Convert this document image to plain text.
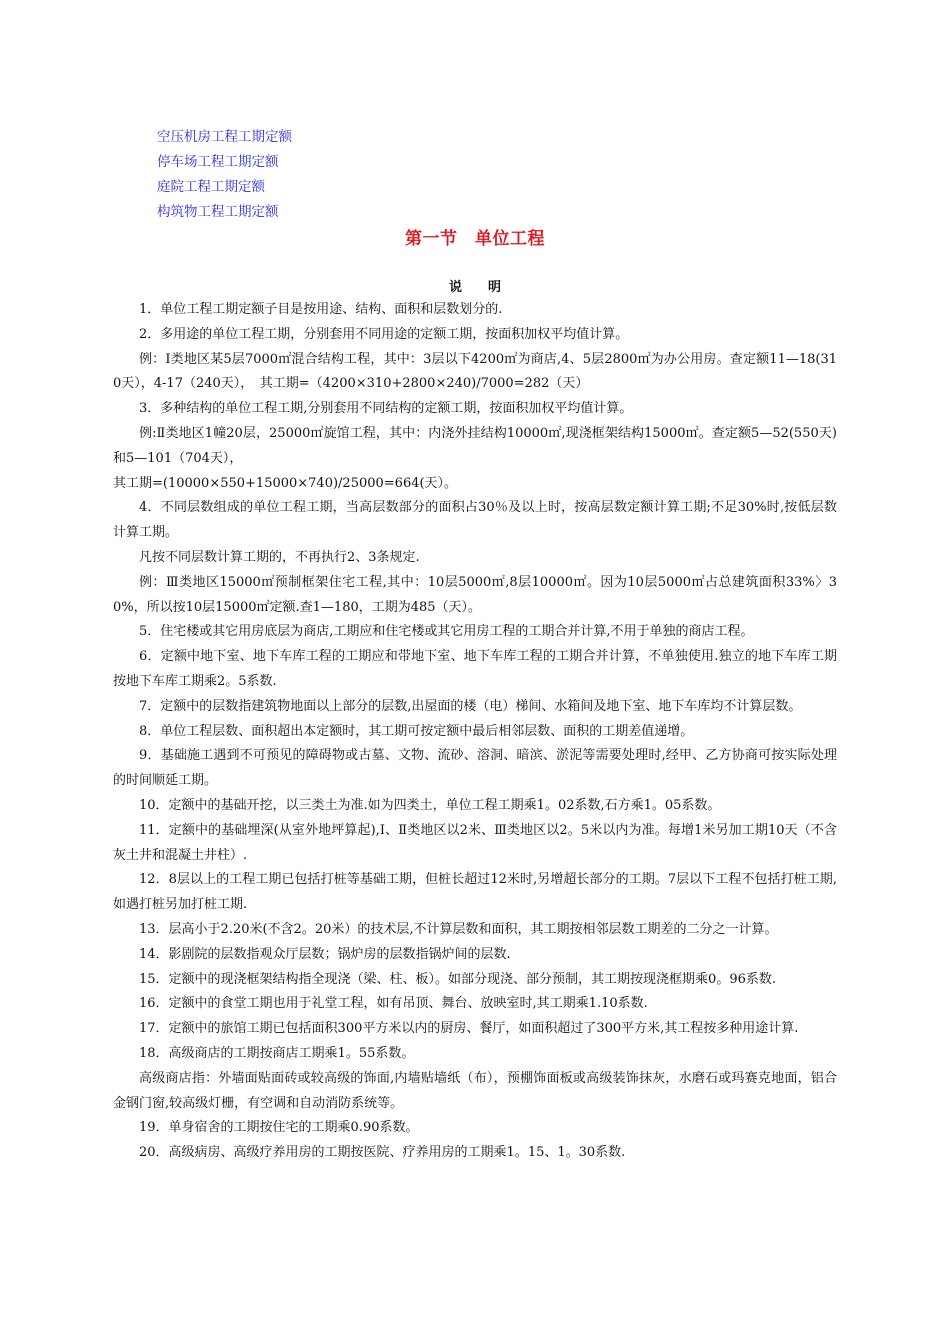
空压机房工程工期定额
停车场工程工期定额
庭院工程工期定额
构筑物工程工期定额
第一节　单位工程
说　　明

1．单位工程工期定额子目是按用途、结构、面积和层数划分的.

2．多用途的单位工程工期，分别套用不同用途的定额工期，按面积加权平均值计算。

例：Ⅰ类地区某5层7000㎡混合结构工程，其中：3层以下4200㎡为商店,4、5层2800㎡为办公用房。查定额11—18(310天），4-17（240天），　其工期=（4200×310+2800×240)/7000=282（天）

3．多种结构的单位工程工期,分别套用不同结构的定额工期，按面积加权平均值计算。

例:Ⅱ类地区1幢20层，25000㎡旋馆工程，其中：内浇外挂结构10000㎡,现浇框架结构15000㎡。查定额5—52(550天)和5—101（704天），

其工期=(10000×550+15000×740)/25000=664(天）。

4．不同层数组成的单位工程工期，当高层数部分的面积占30％及以上时，按高层数定额计算工期;不足30%时,按低层数计算工期。

凡按不同层数计算工期的，不再执行2、3条规定.

例：Ⅲ类地区15000㎡预制框架住宅工程,其中：10层5000㎡,8层10000㎡。因为10层5000㎡占总建筑面积33%〉30%，所以按10层15000㎡定额.查1—180，工期为485（天）。

5．住宅楼或其它用房底层为商店,工期应和住宅楼或其它用房工程的工期合并计算,不用于单独的商店工程。

6．定额中地下室、地下车库工程的工期应和带地下室、地下车库工程的工期合并计算，不单独使用.独立的地下车库工期按地下车库工期乘2。5系数.

7．定额中的层数指建筑物地面以上部分的层数,出屋面的楼（电）梯间、水箱间及地下室、地下车库均不计算层数。

8．单位工程层数、面积超出本定额时，其工期可按定额中最后相邻层数、面积的工期差值递增。

9．基础施工遇到不可预见的障碍物或古墓、文物、流砂、溶洞、暗滨、淤泥等需要处理时,经甲、乙方协商可按实际处理的时间顺延工期。

10．定额中的基础开挖，以三类土为准.如为四类土，单位工程工期乘1。02系数,石方乘1。05系数。

11．定额中的基础埋深(从室外地坪算起),Ⅰ、Ⅱ类地区以2米、Ⅲ类地区以2。5米以内为准。每增1米另加工期10天（不含灰土井和混凝土井柱）.

12．8层以上的工程工期已包括打桩等基础工期，但桩长超过12米时,另增超长部分的工期。7层以下工程不包括打桩工期,如遇打桩另加打桩工期.

13．层高小于2.20米(不含2。20米）的技术层,不计算层数和面积，其工期按相邻层数工期差的二分之一计算。

14．影剧院的层数指观众厅层数；锅炉房的层数指锅炉间的层数.

15．定额中的现浇框架结构指全现浇（梁、柱、板）。如部分现浇、部分预制，其工期按现浇框期乘0。96系数.

16．定额中的食堂工期也用于礼堂工程，如有吊顶、舞台、放映室时,其工期乘1.10系数.

17．定额中的旅馆工期已包括面积300平方米以内的厨房、餐厅，如面积超过了300平方米,其工程按多种用途计算.

18．高级商店的工期按商店工期乘1。55系数。

高级商店指：外墙面贴面砖或较高级的饰面,内墙贴墙纸（布），预棚饰面板或高级装饰抹灰，水磨石或玛赛克地面，铝合金钢门窗,较高级灯栅，有空调和自动消防系统等。

19．单身宿舍的工期按住宅的工期乘0.90系数。

20．高级病房、高级疗养用房的工期按医院、疗养用房的工期乘1。15、1。30系数.
